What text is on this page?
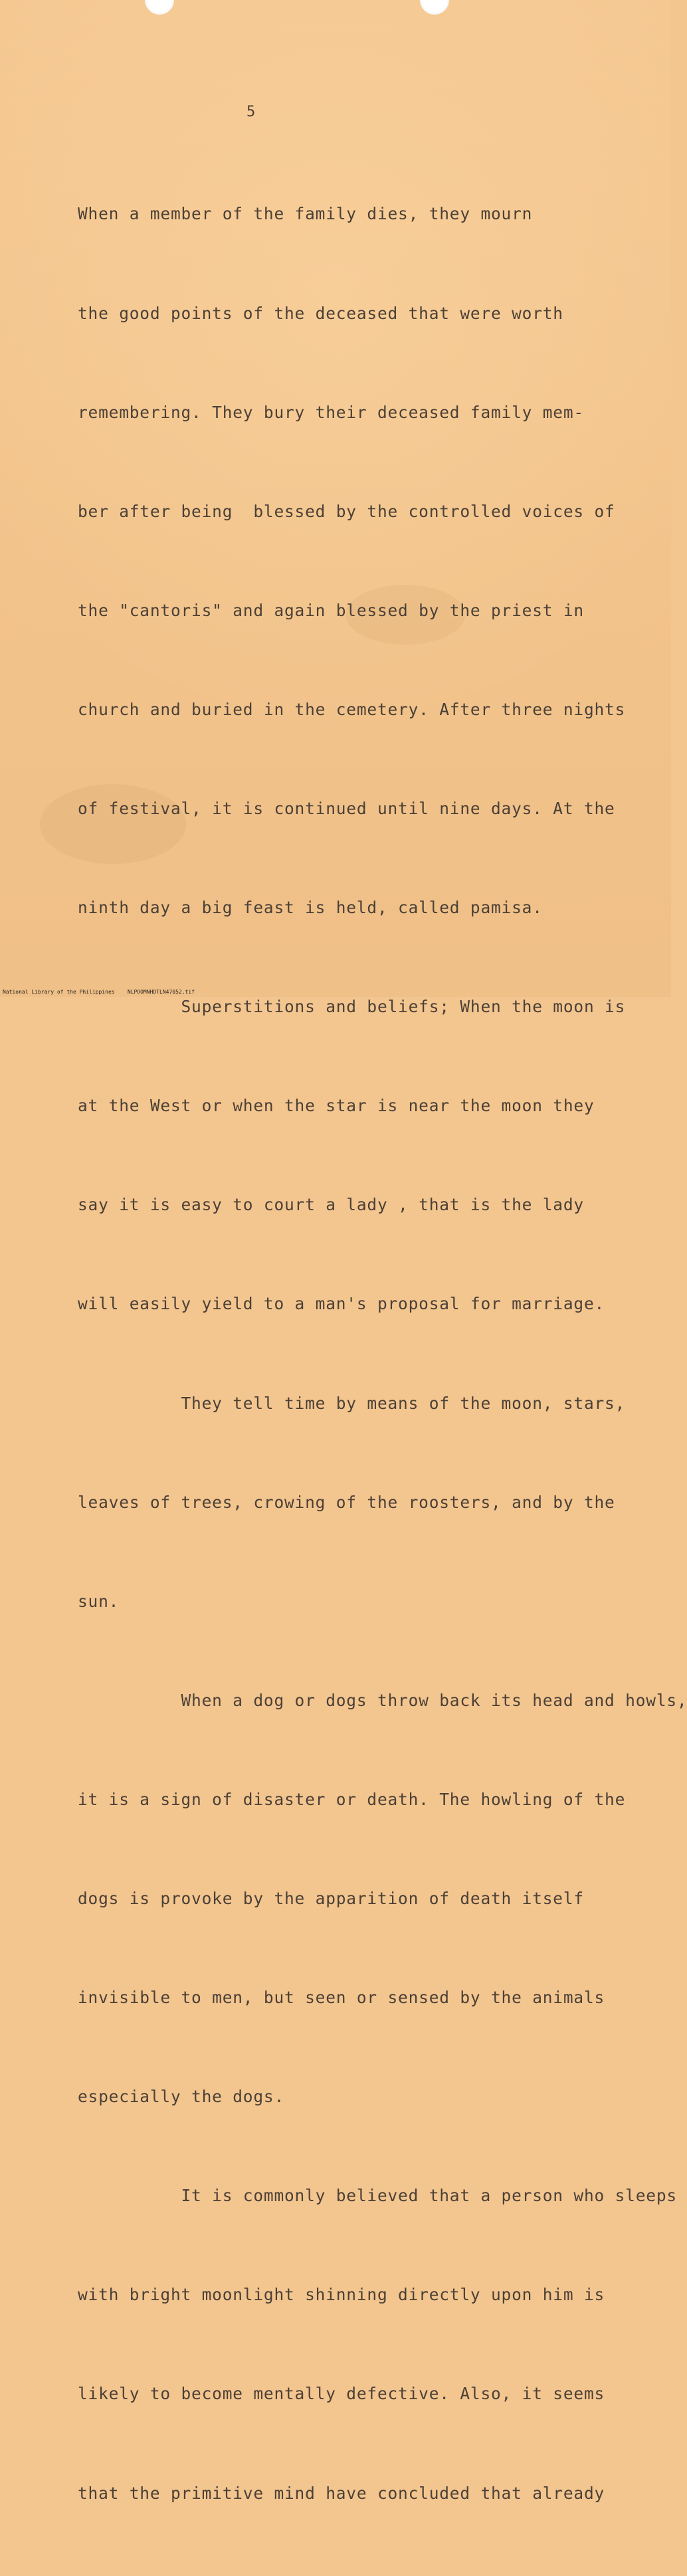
5

When a member of the family dies, they mourn

the good points of the deceased that were worth

remembering. They bury their deceased family mem-

ber after being  blessed by the controlled voices of

the "cantoris" and again blessed by the priest in

church and buried in the cemetery. After three nights

of festival, it is continued until nine days. At the

ninth day a big feast is held, called pamisa.

Superstitions and beliefs; When the moon is

at the West or when the star is near the moon they

say it is easy to court a lady , that is the lady

will easily yield to a man's proposal for marriage.

They tell time by means of the moon, stars,

leaves of trees, crowing of the roosters, and by the

sun.

When a dog or dogs throw back its head and howls,

it is a sign of disaster or death. The howling of the

dogs is provoke by the apparition of death itself

invisible to men, but seen or sensed by the animals

especially the dogs.

It is commonly believed that a person who sleeps

with bright moonlight shinning directly upon him is

likely to become mentally defective. Also, it seems

that the primitive mind have concluded that already

National Library of the Philippines NLPOOMNHDTLN47052.tif
